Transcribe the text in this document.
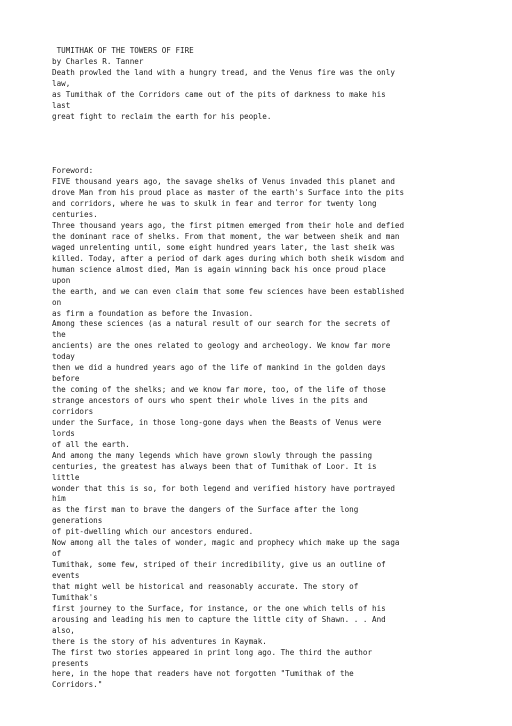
TUMITHAK OF THE TOWERS OF FIRE
by Charles R. Tanner
Death prowled the land with a hungry tread, and the Venus fire was the only
law,
as Tumithak of the Corridors came out of the pits of darkness to make his
last
great fight to reclaim the earth for his people.
Foreword:
FIVE thousand years ago, the savage shelks of Venus invaded this planet and
drove Man from his proud place as master of the earth's Surface into the pits
and corridors, where he was to skulk in fear and terror for twenty long
centuries.
Three thousand years ago, the first pitmen emerged from their hole and defied
the dominant race of shelks. From that moment, the war between sheik and man
waged unrelenting until, some eight hundred years later, the last sheik was
killed. Today, after a period of dark ages during which both sheik wisdom and
human science almost died, Man is again winning back his once proud place
upon
the earth, and we can even claim that some few sciences have been established
on
as firm a foundation as before the Invasion.
Among these sciences (as a natural result of our search for the secrets of
the
ancients) are the ones related to geology and archeology. We know far more
today
then we did a hundred years ago of the life of mankind in the golden days
before
the coming of the shelks; and we know far more, too, of the life of those
strange ancestors of ours who spent their whole lives in the pits and
corridors
under the Surface, in those long-gone days when the Beasts of Venus were
lords
of all the earth.
And among the many legends which have grown slowly through the passing
centuries, the greatest has always been that of Tumithak of Loor. It is
little
wonder that this is so, for both legend and verified history have portrayed
him
as the first man to brave the dangers of the Surface after the long
generations
of pit-dwelling which our ancestors endured.
Now among all the tales of wonder, magic and prophecy which make up the saga
of
Tumithak, some few, striped of their incredibility, give us an outline of
events
that might well be historical and reasonably accurate. The story of
Tumithak's
first journey to the Surface, for instance, or the one which tells of his
arousing and leading his men to capture the little city of Shawn. . . And
also,
there is the story of his adventures in Kaymak.
The first two stories appeared in print long ago. The third the author
presents
here, in the hope that readers have not forgotten "Tumithak of the
Corridors."
